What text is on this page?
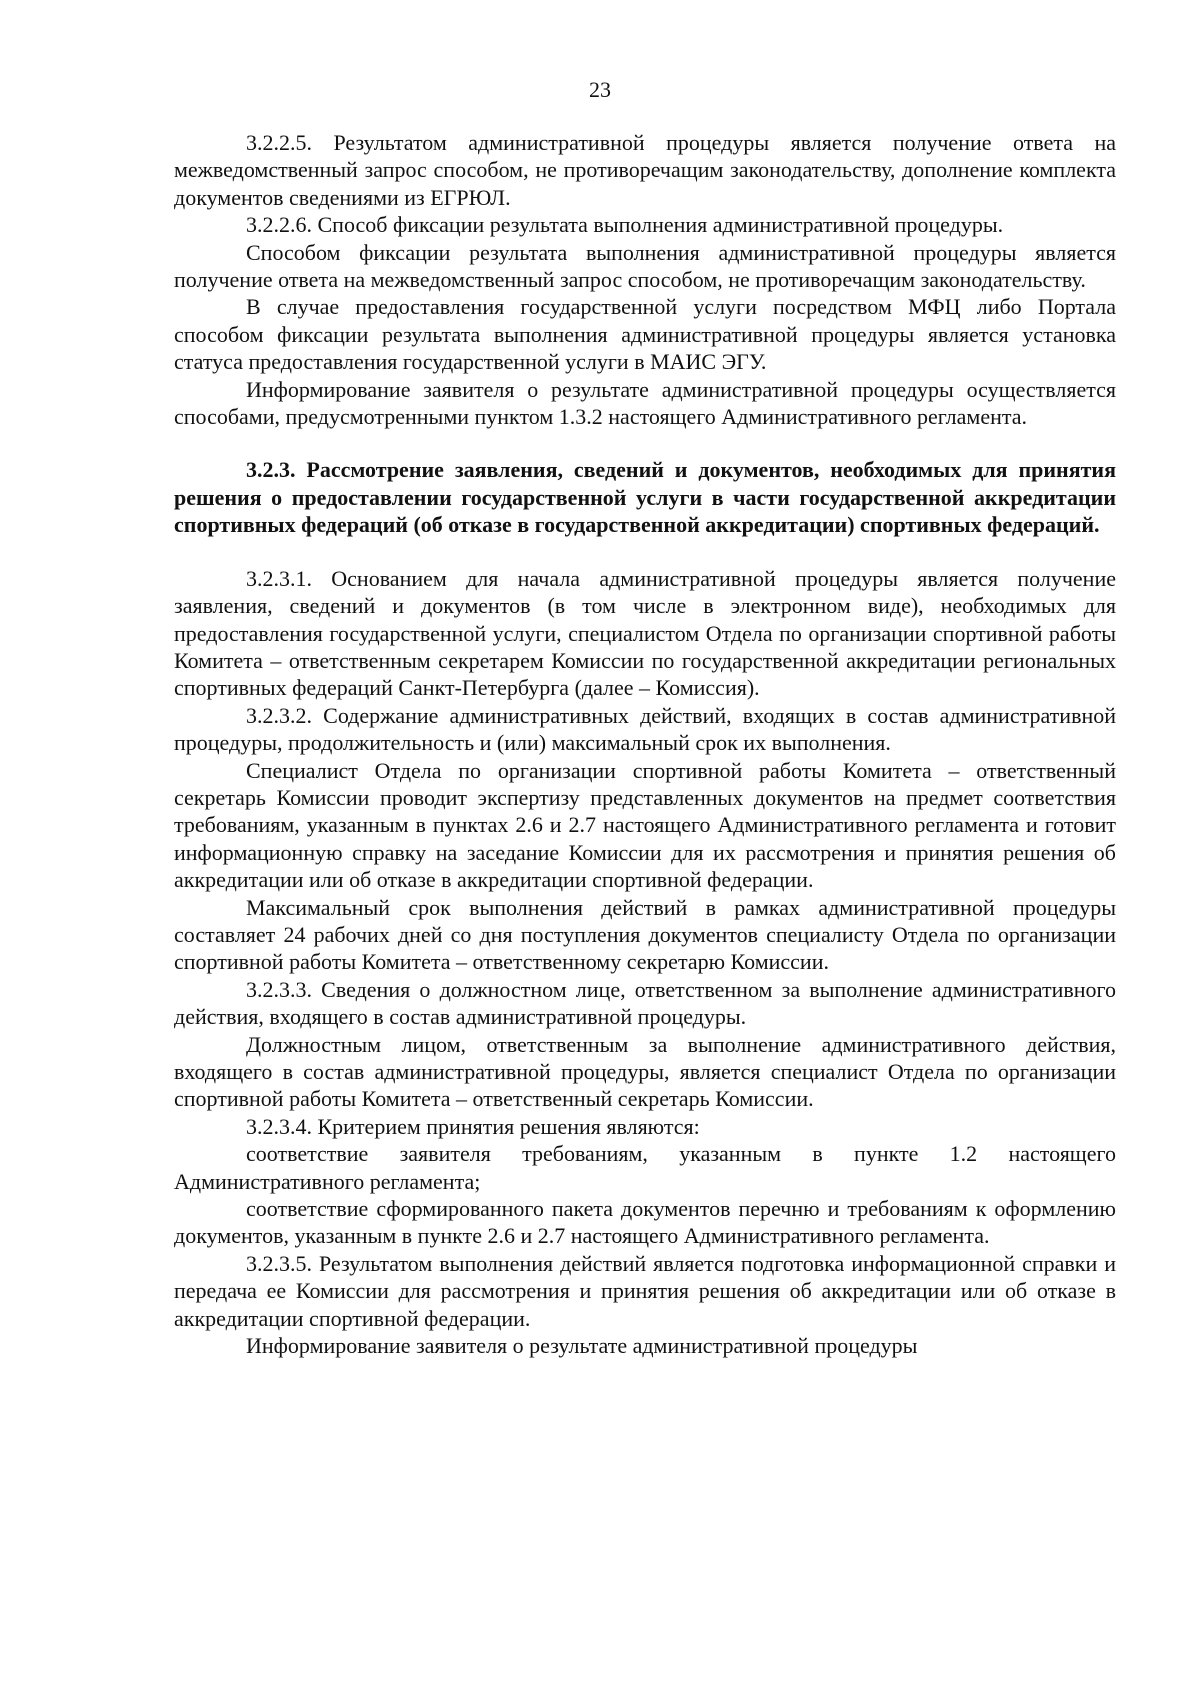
23

3.2.2.5. Результатом административной процедуры является получение ответа на межведомственный запрос способом, не противоречащим законодательству, дополнение комплекта документов сведениями из ЕГРЮЛ.

3.2.2.6. Способ фиксации результата выполнения административной процедуры.

Способом фиксации результата выполнения административной процедуры является получение ответа на межведомственный запрос способом, не противоречащим законодательству.

В случае предоставления государственной услуги посредством МФЦ либо Портала способом фиксации результата выполнения административной процедуры является установка статуса предоставления государственной услуги в МАИС ЭГУ.

Информирование заявителя о результате административной процедуры осуществляется способами, предусмотренными пунктом 1.3.2 настоящего Административного регламента.

3.2.3. Рассмотрение заявления, сведений и документов, необходимых для принятия решения о предоставлении государственной услуги в части государственной аккредитации спортивных федераций (об отказе в государственной аккредитации) спортивных федераций.

3.2.3.1. Основанием для начала административной процедуры является получение заявления, сведений и документов (в том числе в электронном виде), необходимых для предоставления государственной услуги, специалистом Отдела по организации спортивной работы Комитета – ответственным секретарем Комиссии по государственной аккредитации региональных спортивных федераций Санкт-Петербурга (далее – Комиссия).

3.2.3.2. Содержание административных действий, входящих в состав административной процедуры, продолжительность и (или) максимальный срок их выполнения.

Специалист Отдела по организации спортивной работы Комитета – ответственный секретарь Комиссии проводит экспертизу представленных документов на предмет соответствия требованиям, указанным в пунктах 2.6 и 2.7 настоящего Административного регламента и готовит информационную справку на заседание Комиссии для их рассмотрения и принятия решения об аккредитации или об отказе в аккредитации спортивной федерации.

Максимальный срок выполнения действий в рамках административной процедуры составляет 24 рабочих дней со дня поступления документов специалисту Отдела по организации спортивной работы Комитета – ответственному секретарю Комиссии.

3.2.3.3. Сведения о должностном лице, ответственном за выполнение административного действия, входящего в состав административной процедуры.

Должностным лицом, ответственным за выполнение административного действия, входящего в состав административной процедуры, является специалист Отдела по организации спортивной работы Комитета – ответственный секретарь Комиссии.

3.2.3.4. Критерием принятия решения являются:

соответствие заявителя требованиям, указанным в пункте 1.2 настоящего Административного регламента;

соответствие сформированного пакета документов перечню и требованиям к оформлению документов, указанным в пункте 2.6 и 2.7 настоящего Административного регламента.

3.2.3.5. Результатом выполнения действий является подготовка информационной справки и передача ее Комиссии для рассмотрения и принятия решения об аккредитации или об отказе в аккредитации спортивной федерации.

Информирование заявителя о результате административной процедуры
